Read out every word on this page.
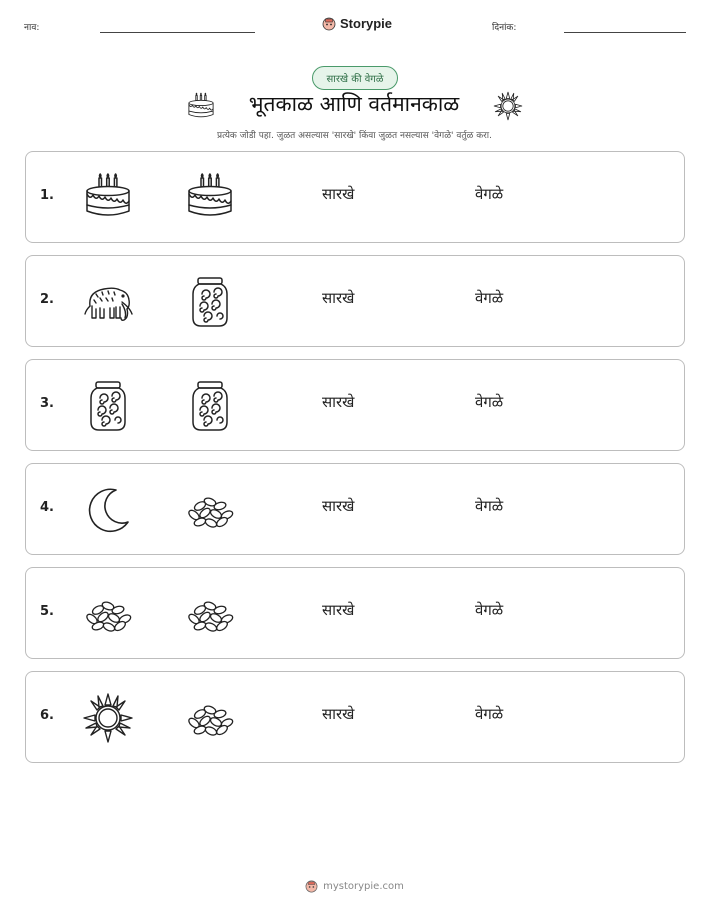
नाव:	Storypie	दिनांक:
सारखे की वेगळे
भूतकाळ आणि वर्तमानकाळ
प्रत्येक जोडी पहा. जुळत असल्यास 'सारखे' किंवा जुळत नसल्यास 'वेगळे' वर्तुळ करा.
1.	सारखे	वेगळे
2.	सारखे	वेगळे
3.	सारखे	वेगळे
4.	सारखे	वेगळे
5.	सारखे	वेगळे
6.	सारखे	वेगळे
mystorypie.com
